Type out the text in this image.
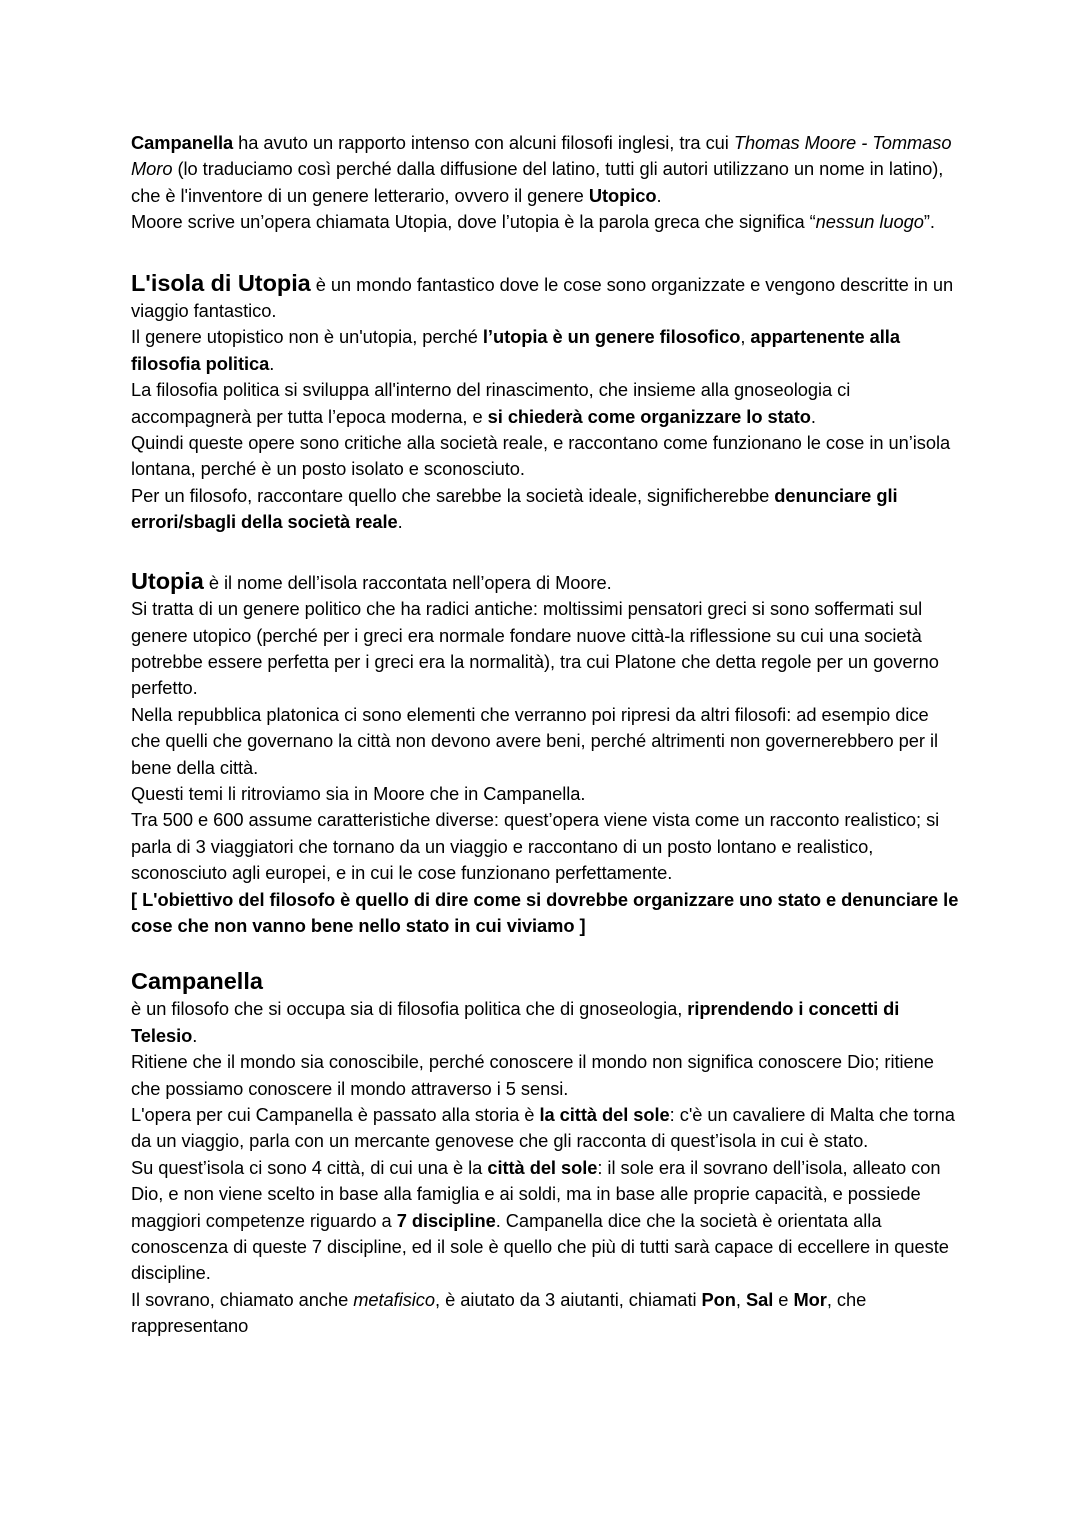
Campanella ha avuto un rapporto intenso con alcuni filosofi inglesi, tra cui Thomas Moore - Tommaso Moro (lo traduciamo così perché dalla diffusione del latino, tutti gli autori utilizzano un nome in latino), che è l'inventore di un genere letterario, ovvero il genere Utopico.

Moore scrive un’opera chiamata Utopia, dove l’utopia è la parola greca che significa “nessun luogo”.

L'isola di Utopia è un mondo fantastico dove le cose sono organizzate e vengono descritte in un viaggio fantastico.

Il genere utopistico non è un'utopia, perché l’utopia è un genere filosofico, appartenente alla filosofia politica.

La filosofia politica si sviluppa all'interno del rinascimento, che insieme alla gnoseologia ci accompagnerà per tutta l’epoca moderna, e si chiederà come organizzare lo stato.

Quindi queste opere sono critiche alla società reale, e raccontano come funzionano le cose in un’isola lontana, perché è un posto isolato e sconosciuto.

Per un filosofo, raccontare quello che sarebbe la società ideale, significherebbe denunciare gli errori/sbagli della società reale.

Utopia è il nome dell’isola raccontata nell’opera di Moore.

Si tratta di un genere politico che ha radici antiche: moltissimi pensatori greci si sono soffermati sul genere utopico (perché per i greci era normale fondare nuove città-la riflessione su cui una società potrebbe essere perfetta per i greci era la normalità), tra cui Platone che detta regole per un governo perfetto.

Nella repubblica platonica ci sono elementi che verranno poi ripresi da altri filosofi: ad esempio dice che quelli che governano la città non devono avere beni, perché altrimenti non governerebbero per il bene della città.

Questi temi li ritroviamo sia in Moore che in Campanella.

Tra 500 e 600 assume caratteristiche diverse: quest’opera viene vista come un racconto realistico; si parla di 3 viaggiatori che tornano da un viaggio e raccontano di un posto lontano e realistico, sconosciuto agli europei, e in cui le cose funzionano perfettamente.

[ L'obiettivo del filosofo è quello di dire come si dovrebbe organizzare uno stato e denunciare le cose che non vanno bene nello stato in cui viviamo ]

Campanella

è un filosofo che si occupa sia di filosofia politica che di gnoseologia, riprendendo i concetti di Telesio.

Ritiene che il mondo sia conoscibile, perché conoscere il mondo non significa conoscere Dio; ritiene che possiamo conoscere il mondo attraverso i 5 sensi.

L'opera per cui Campanella è passato alla storia è la città del sole: c'è un cavaliere di Malta che torna da un viaggio, parla con un mercante genovese che gli racconta di quest’isola in cui è stato.

Su quest’isola ci sono 4 città, di cui una è la città del sole: il sole era il sovrano dell’isola, alleato con Dio, e non viene scelto in base alla famiglia e ai soldi, ma in base alle proprie capacità, e possiede maggiori competenze riguardo a 7 discipline. Campanella dice che la società è orientata alla conoscenza di queste 7 discipline, ed il sole è quello che più di tutti sarà capace di eccellere in queste discipline.

Il sovrano, chiamato anche metafisico, è aiutato da 3 aiutanti, chiamati Pon, Sal e Mor, che rappresentano
